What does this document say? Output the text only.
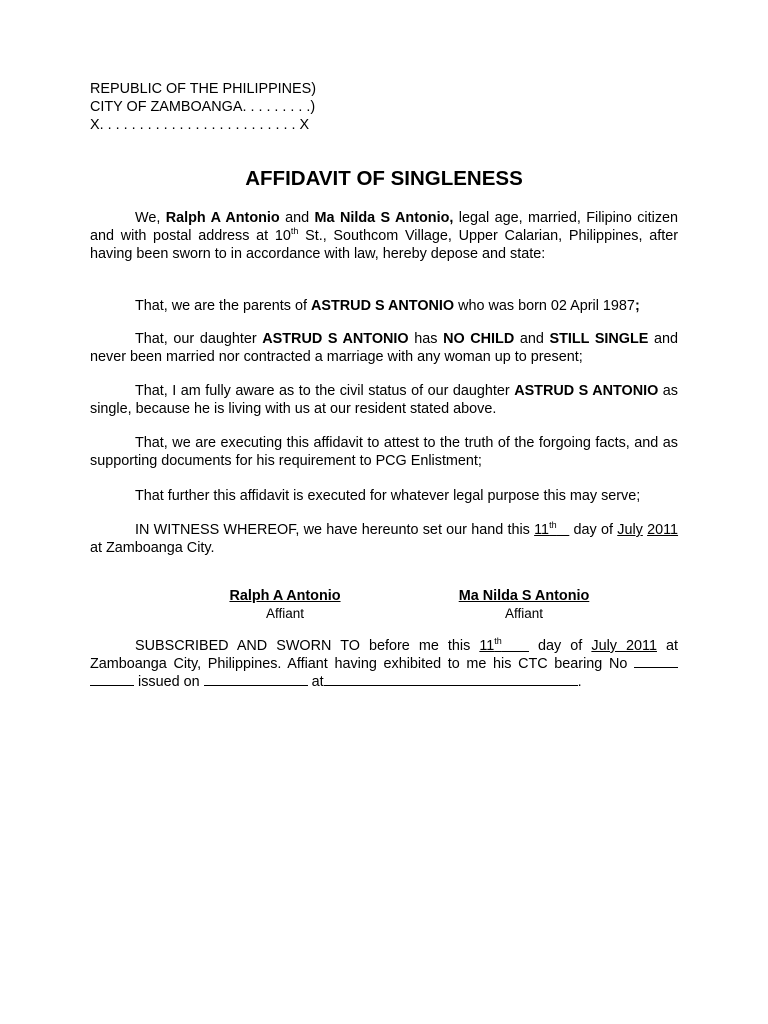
REPUBLIC OF THE PHILIPPINES)
CITY OF ZAMBOANGA. . . . . . . . .)
X. . . . . . . . . . . . . . . . . . . . . . . . . X
AFFIDAVIT OF SINGLENESS

We, Ralph A Antonio and Ma Nilda S Antonio, legal age, married, Filipino citizen and with postal address at 10th St., Southcom Village, Upper Calarian, Philippines, after having been sworn to in accordance with law, hereby depose and state:

That, we are the parents of ASTRUD S ANTONIO who was born 02 April 1987;

That, our daughter ASTRUD S ANTONIO has NO CHILD and STILL SINGLE and never been married nor contracted a marriage with any woman up to present;

That, I am fully aware as to the civil status of our daughter ASTRUD S ANTONIO as single, because he is living with us at our resident stated above.

That, we are executing this affidavit to attest to the truth of the forgoing facts, and as supporting documents for his requirement to PCG Enlistment;

That further this affidavit is executed for whatever legal purpose this may serve;

IN WITNESS WHEREOF, we have hereunto set our hand this 11th day of July 2011 at Zamboanga City.

Ralph A Antonio
Affiant
Ma Nilda S Antonio
Affiant

SUBSCRIBED AND SWORN TO before me this 11th	day of July 2011 at Zamboanga City, Philippines. Affiant having exhibited to me his CTC bearing No   issued on	at	.
